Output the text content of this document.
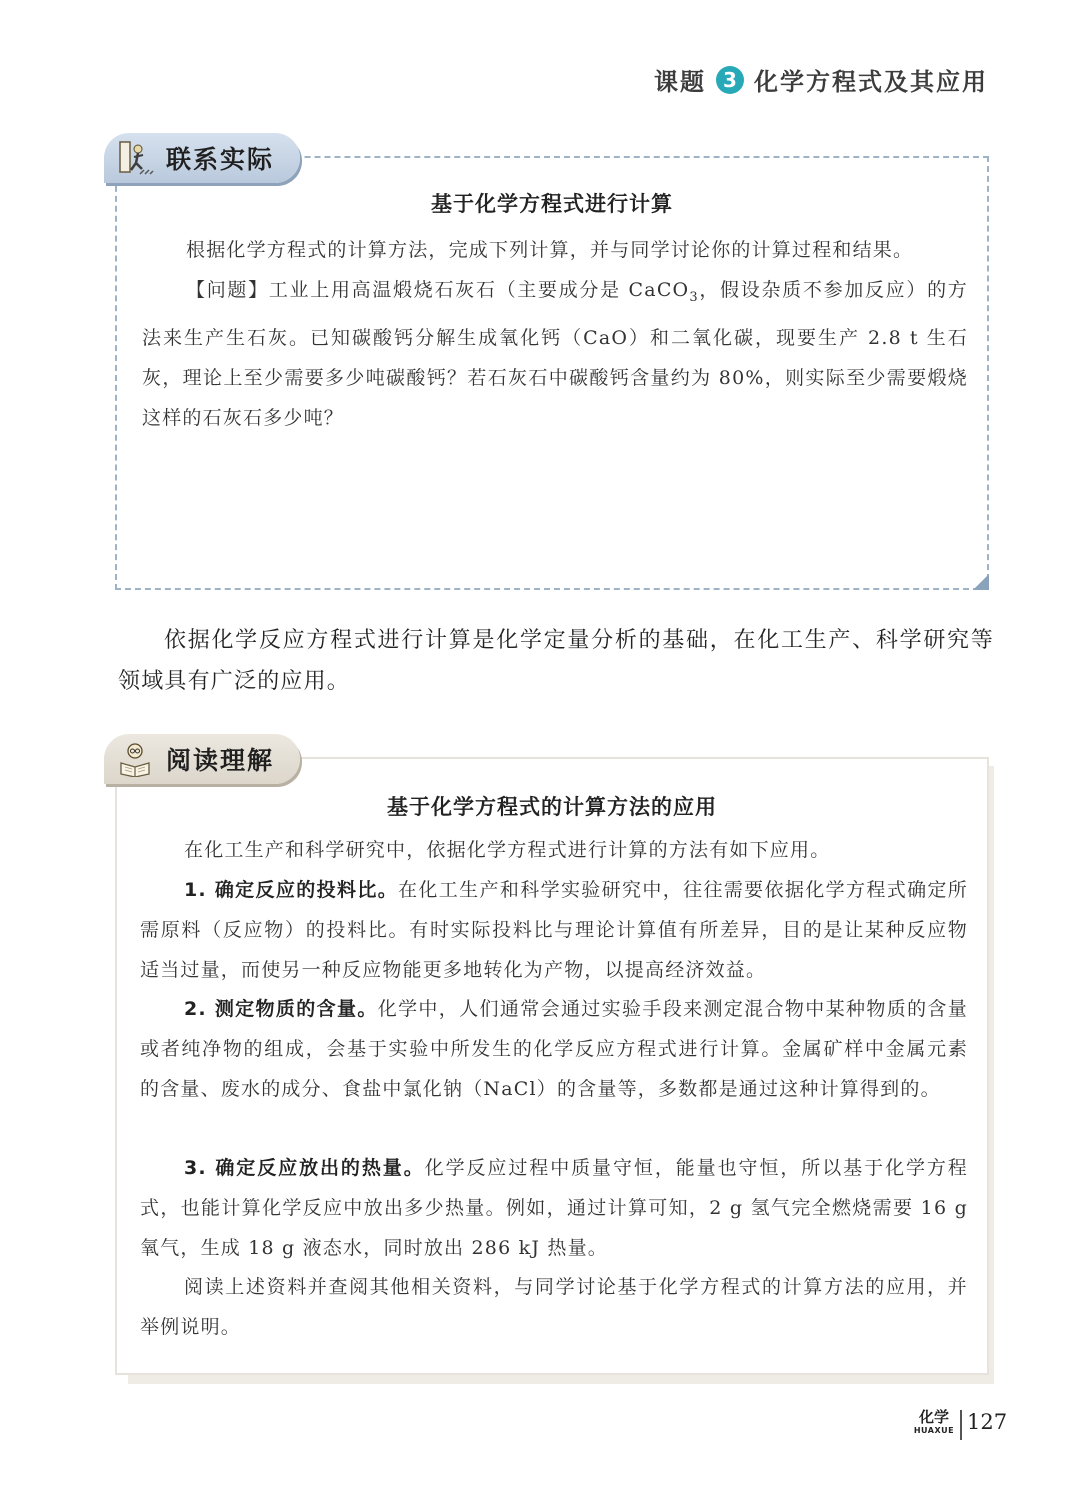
课题 3 化学方程式及其应用
基于化学方程式进行计算

根据化学方程式的计算方法，完成下列计算，并与同学讨论你的计算过程和结果。

【问题】工业上用高温煅烧石灰石（主要成分是 CaCO$_3$，假设杂质不参加反应）的方法来生产生石灰。已知碳酸钙分解生成氧化钙（CaO）和二氧化碳，现要生产 2.8 t 生石灰，理论上至少需要多少吨碳酸钙？若石灰石中碳酸钙含量约为 80%，则实际至少需要煅烧这样的石灰石多少吨？

联系实际

依据化学反应方程式进行计算是化学定量分析的基础，在化工生产、科学研究等领域具有广泛的应用。

基于化学方程式的计算方法的应用

在化工生产和科学研究中，依据化学方程式进行计算的方法有如下应用。

1. 确定反应的投料比。在化工生产和科学实验研究中，往往需要依据化学方程式确定所需原料（反应物）的投料比。有时实际投料比与理论计算值有所差异，目的是让某种反应物适当过量，而使另一种反应物能更多地转化为产物，以提高经济效益。

2. 测定物质的含量。化学中，人们通常会通过实验手段来测定混合物中某种物质的含量或者纯净物的组成，会基于实验中所发生的化学反应方程式进行计算。金属矿样中金属元素的含量、废水的成分、食盐中氯化钠（NaCl）的含量等，多数都是通过这种计算得到的。

3. 确定反应放出的热量。化学反应过程中质量守恒，能量也守恒，所以基于化学方程式，也能计算化学反应中放出多少热量。例如，通过计算可知，2 g 氢气完全燃烧需要 16 g 氧气，生成 18 g 液态水，同时放出 286 kJ 热量。

阅读上述资料并查阅其他相关资料，与同学讨论基于化学方程式的计算方法的应用，并举例说明。

阅读理解
化学
HUAXUE 127
